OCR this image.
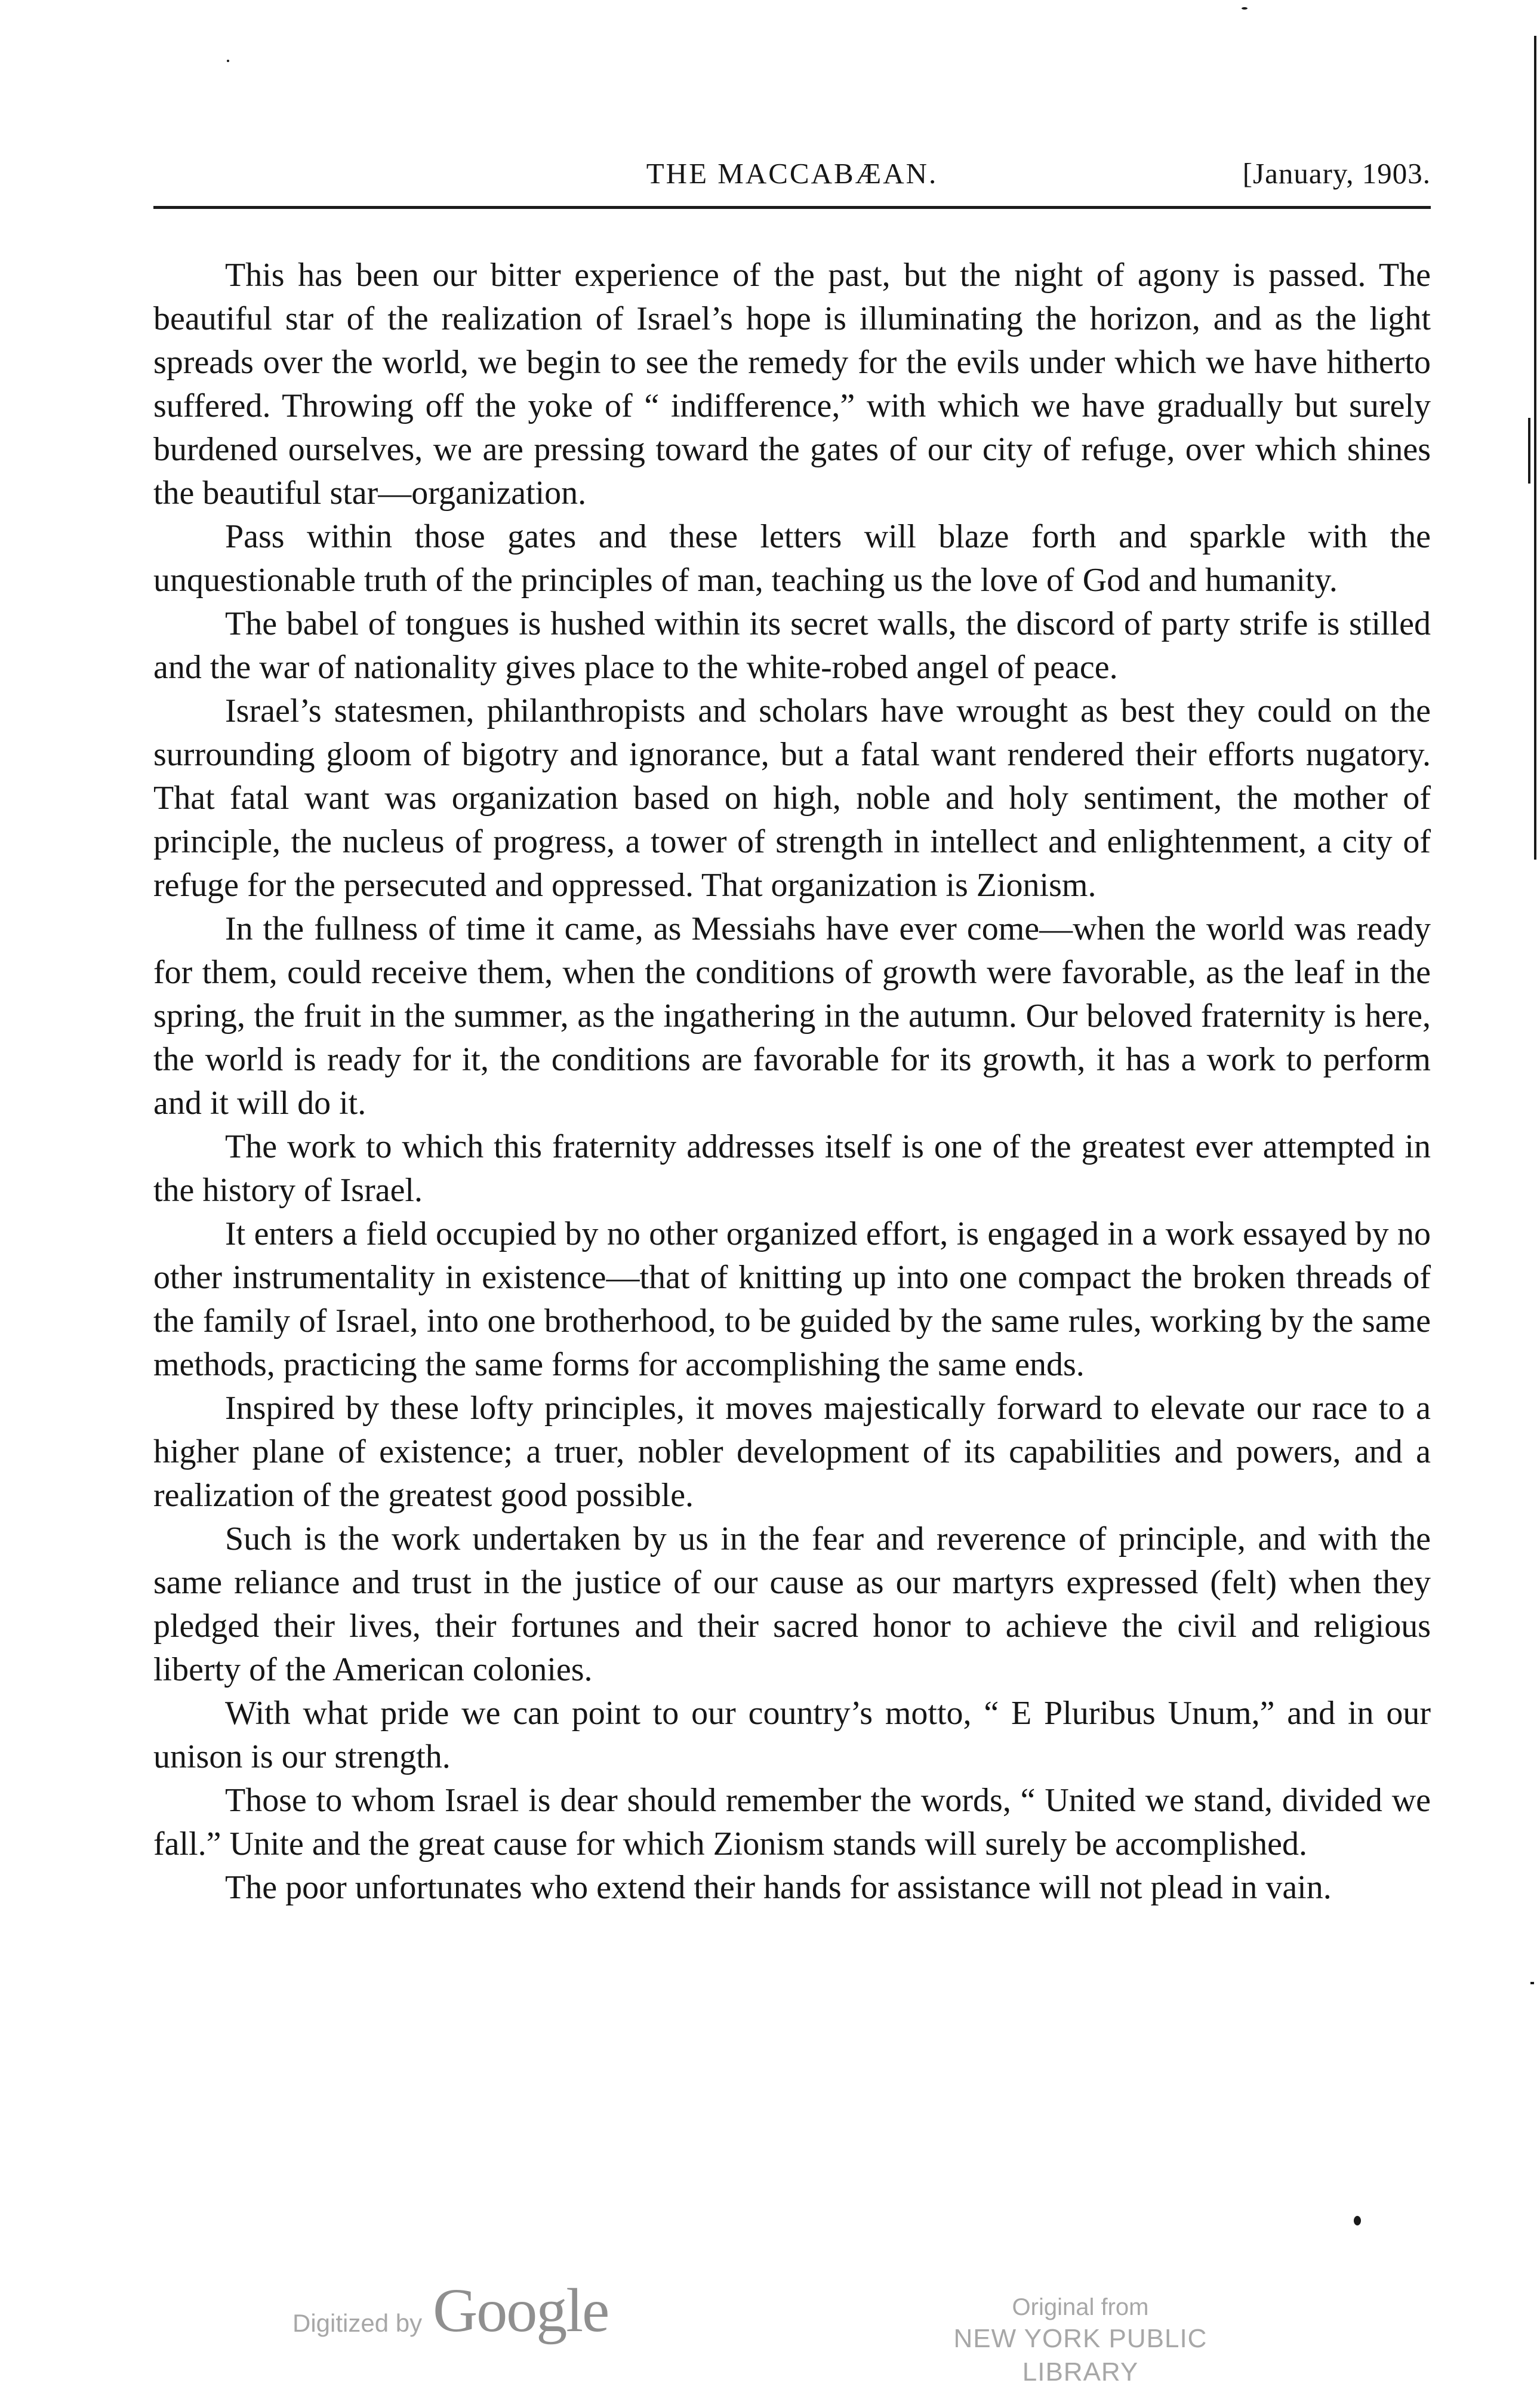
THE MACCABÆAN.	[January, 1903.

This has been our bitter experience of the past, but the night of agony is passed. The beautiful star of the realization of Israel’s hope is illuminating the horizon, and as the light spreads over the world, we begin to see the remedy for the evils under which we have hitherto suffered. Throwing off the yoke of “ indifference,” with which we have gradually but surely burdened ourselves, we are pressing toward the gates of our city of refuge, over which shines the beautiful star—organization.

Pass within those gates and these letters will blaze forth and sparkle with the unquestionable truth of the principles of man, teaching us the love of God and humanity.

The babel of tongues is hushed within its secret walls, the discord of party strife is stilled and the war of nationality gives place to the white-robed angel of peace.

Israel’s statesmen, philanthropists and scholars have wrought as best they could on the surrounding gloom of bigotry and ignorance, but a fatal want rendered their efforts nugatory. That fatal want was organization based on high, noble and holy sentiment, the mother of principle, the nucleus of progress, a tower of strength in intellect and enlightenment, a city of refuge for the persecuted and oppressed. That organization is Zionism.

In the fullness of time it came, as Messiahs have ever come—when the world was ready for them, could receive them, when the conditions of growth were favorable, as the leaf in the spring, the fruit in the summer, as the ingathering in the autumn. Our beloved fraternity is here, the world is ready for it, the conditions are favorable for its growth, it has a work to perform and it will do it.

The work to which this fraternity addresses itself is one of the greatest ever attempted in the history of Israel.

It enters a field occupied by no other organized effort, is engaged in a work essayed by no other instrumentality in existence—that of knitting up into one compact the broken threads of the family of Israel, into one brotherhood, to be guided by the same rules, working by the same methods, practicing the same forms for accomplishing the same ends.

Inspired by these lofty principles, it moves majestically forward to elevate our race to a higher plane of existence; a truer, nobler development of its capabilities and powers, and a realization of the greatest good possible.

Such is the work undertaken by us in the fear and reverence of principle, and with the same reliance and trust in the justice of our cause as our martyrs expressed (felt) when they pledged their lives, their fortunes and their sacred honor to achieve the civil and religious liberty of the American colonies.

With what pride we can point to our country’s motto, “ E Pluribus Unum,” and in our unison is our strength.

Those to whom Israel is dear should remember the words, “ United we stand, divided we fall.” Unite and the great cause for which Zionism stands will surely be accomplished.

The poor unfortunates who extend their hands for assistance will not plead in vain.

Digitized by Google	Original from
NEW YORK PUBLIC LIBRARY
